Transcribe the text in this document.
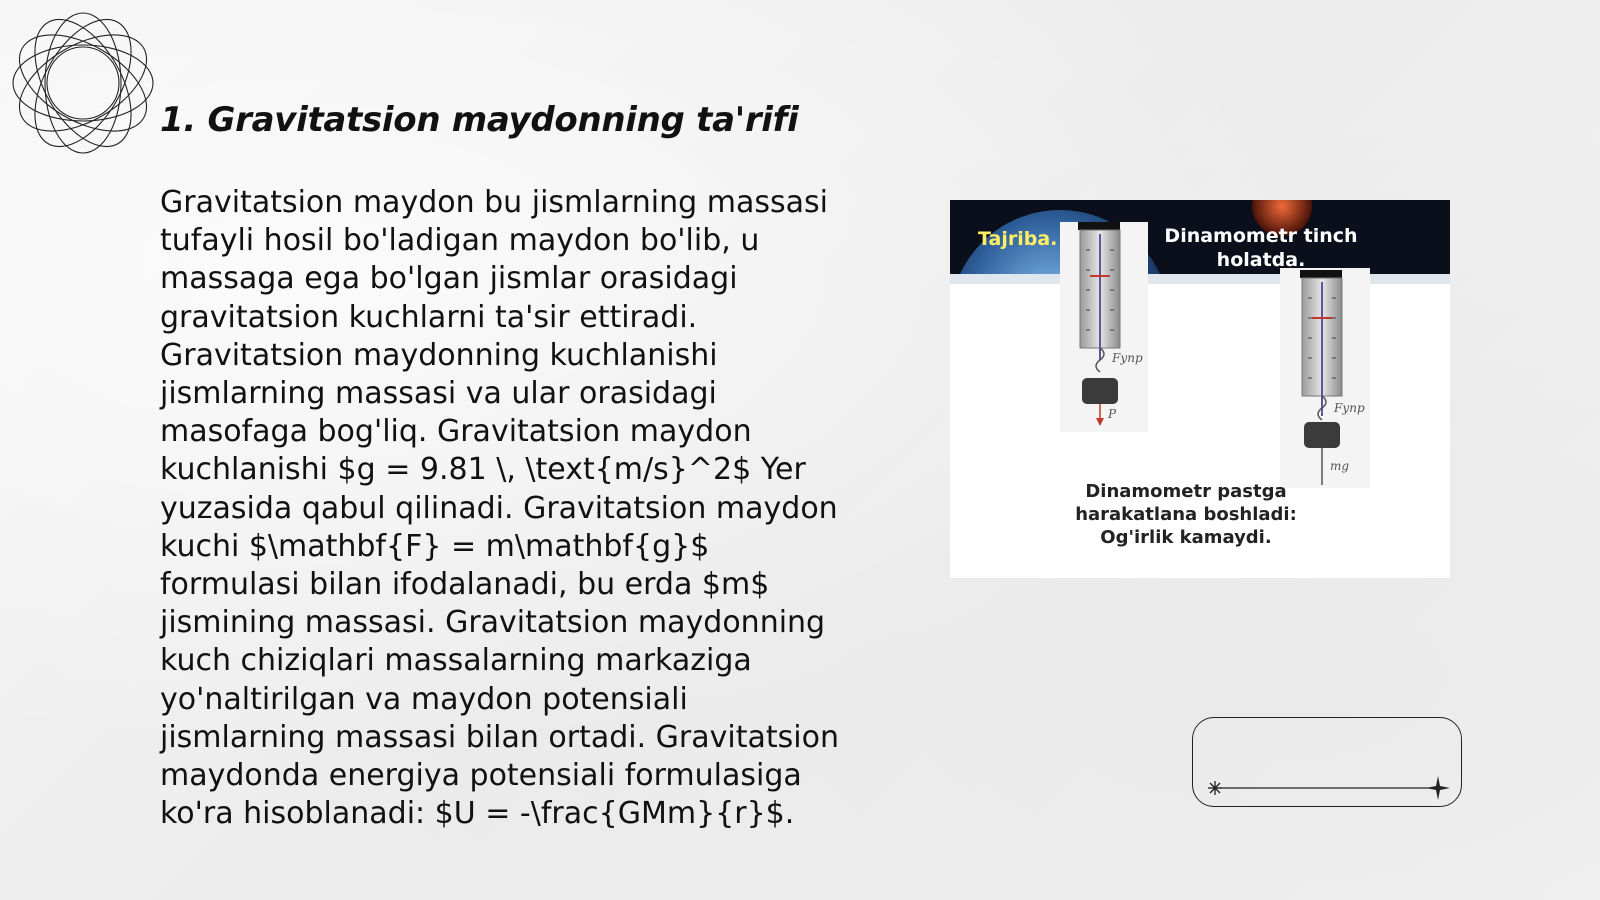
1. Gravitatsion maydonning ta'rifi

Gravitatsion maydon bu jismlarning massasi tufayli hosil bo'ladigan maydon bo'lib, u massaga ega bo'lgan jismlar orasidagi gravitatsion kuchlarni ta'sir ettiradi. Gravitatsion maydonning kuchlanishi jismlarning massasi va ular orasidagi masofaga bog'liq. Gravitatsion maydon kuchlanishi $g = 9.81 \, \text{m/s}^2$ Yer yuzasida qabul qilinadi. Gravitatsion maydon kuchi $\mathbf{F} = m\mathbf{g}$ formulasi bilan ifodalanadi, bu erda $m$ jismining massasi. Gravitatsion maydonning kuch chiziqlari massalarning markaziga yo'naltirilgan va maydon potensiali jismlarning massasi bilan ortadi. Gravitatsion maydonda energiya potensiali formulasiga ko'ra hisoblanadi: $U = -\frac{GMm}{r}$.

Fупр
P	Fупр
mg
Tajriba.	Dinamometr tinch holatda.
Dinamometr pastga harakatlana boshladi: Og'irlik kamaydi.
